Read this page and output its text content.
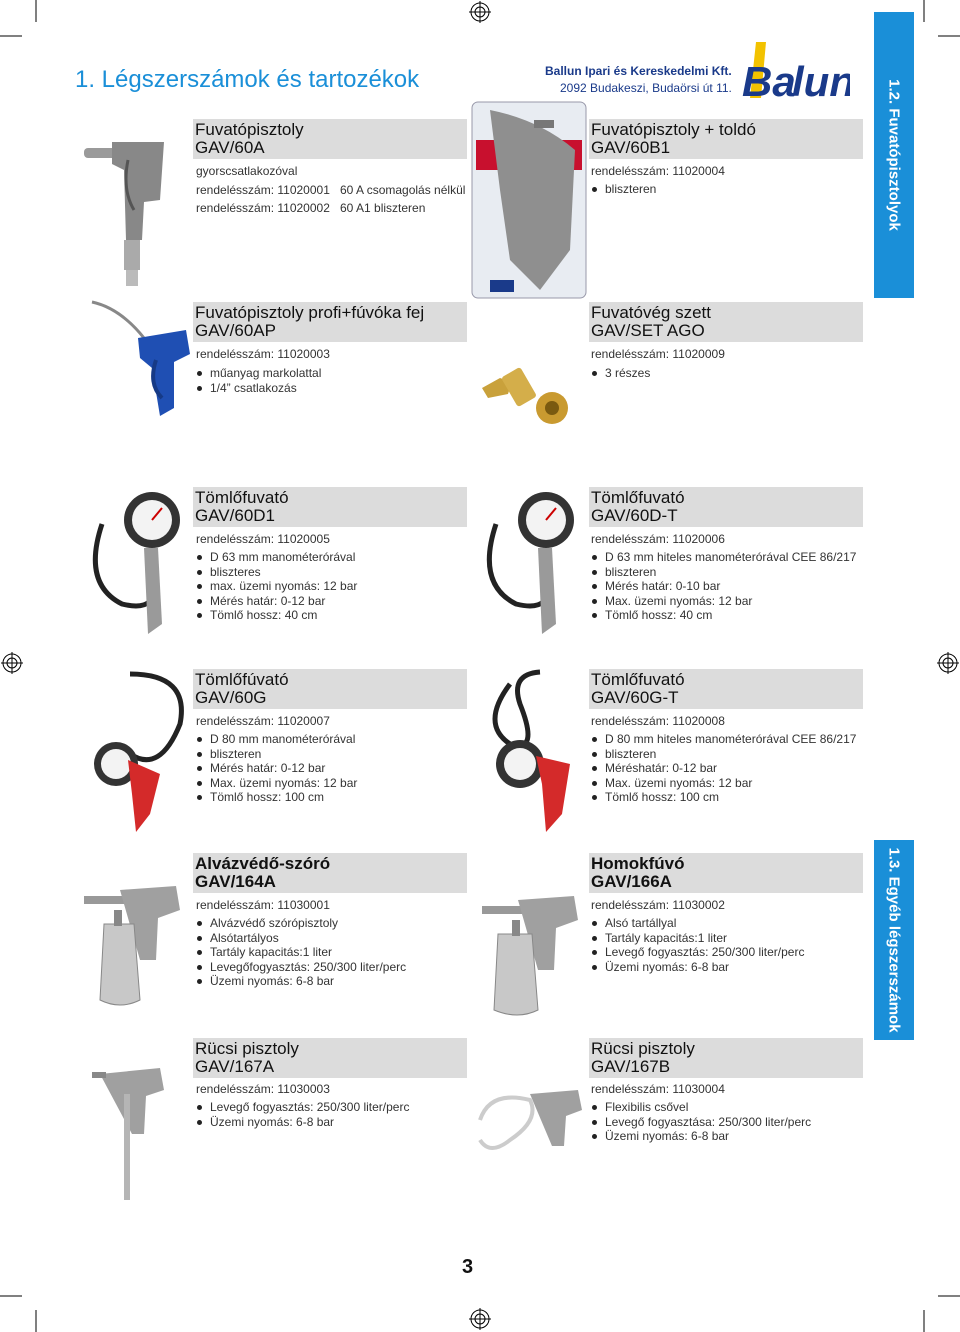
1. Légszerszámok és tartozékok	Ballun Ipari és Kereskedelmi Kft.
2092 Budakeszi, Budaörsi út 11. Ba
lun 1.2. Fuvatópisztolyok
1.3. Egyéb légszerszámok
Fuvatópisztoly
GAV/60A
gyorscsatlakozóval
rendelésszám: 11020001 60 A csomagolás nélkül
rendelésszám: 11020002 60 A1 bliszteren
Fuvatópisztoly + toldó
GAV/60B1
rendelésszám: 11020004
bliszteren
Fuvatópisztoly profi+fúvóka fej
GAV/60AP
rendelésszám: 11020003
műanyag markolattal
1/4” csatlakozás
Fuvatóvég szett
GAV/SET AGO
rendelésszám: 11020009
3 részes
Tömlőfuvató
GAV/60D1
rendelésszám: 11020005
D 63 mm manométerórával
bliszteres
max. üzemi nyomás: 12 bar
Mérés határ: 0-12 bar
Tömlő hossz: 40 cm
Tömlőfuvató
GAV/60D-T
rendelésszám: 11020006
D 63 mm hiteles manométerórával CEE 86/217
bliszteren
Mérés határ: 0-10 bar
Max. üzemi nyomás: 12 bar
Tömlő hossz: 40 cm
Tömlőfúvató
GAV/60G
rendelésszám: 11020007
D 80 mm manométerórával
bliszteren
Mérés határ: 0-12 bar
Max. üzemi nyomás: 12 bar
Tömlő hossz: 100 cm
Tömlőfuvató
GAV/60G-T
rendelésszám: 11020008
D 80 mm hiteles manométerórával CEE 86/217
bliszteren
Méréshatár: 0-12 bar
Max. üzemi nyomás: 12 bar
Tömlő hossz: 100 cm
Alvázvédő-szóró
GAV/164A
rendelésszám: 11030001
Alvázvédő szórópisztoly
Alsótartályos
Tartály kapacitás:1 liter
Levegőfogyasztás: 250/300 liter/perc
Üzemi nyomás: 6-8 bar
Homokfúvó
GAV/166A
rendelésszám: 11030002
Alsó tartállyal
Tartály kapacitás:1 liter
Levegő fogyasztás: 250/300 liter/perc
Üzemi nyomás: 6-8 bar
Rücsi pisztoly
GAV/167A
rendelésszám: 11030003
Levegő fogyasztás: 250/300 liter/perc
Üzemi nyomás: 6-8 bar
Rücsi pisztoly
GAV/167B
rendelésszám: 11030004
Flexibilis csővel
Levegő fogyasztása: 250/300 liter/perc
Üzemi nyomás: 6-8 bar
3
